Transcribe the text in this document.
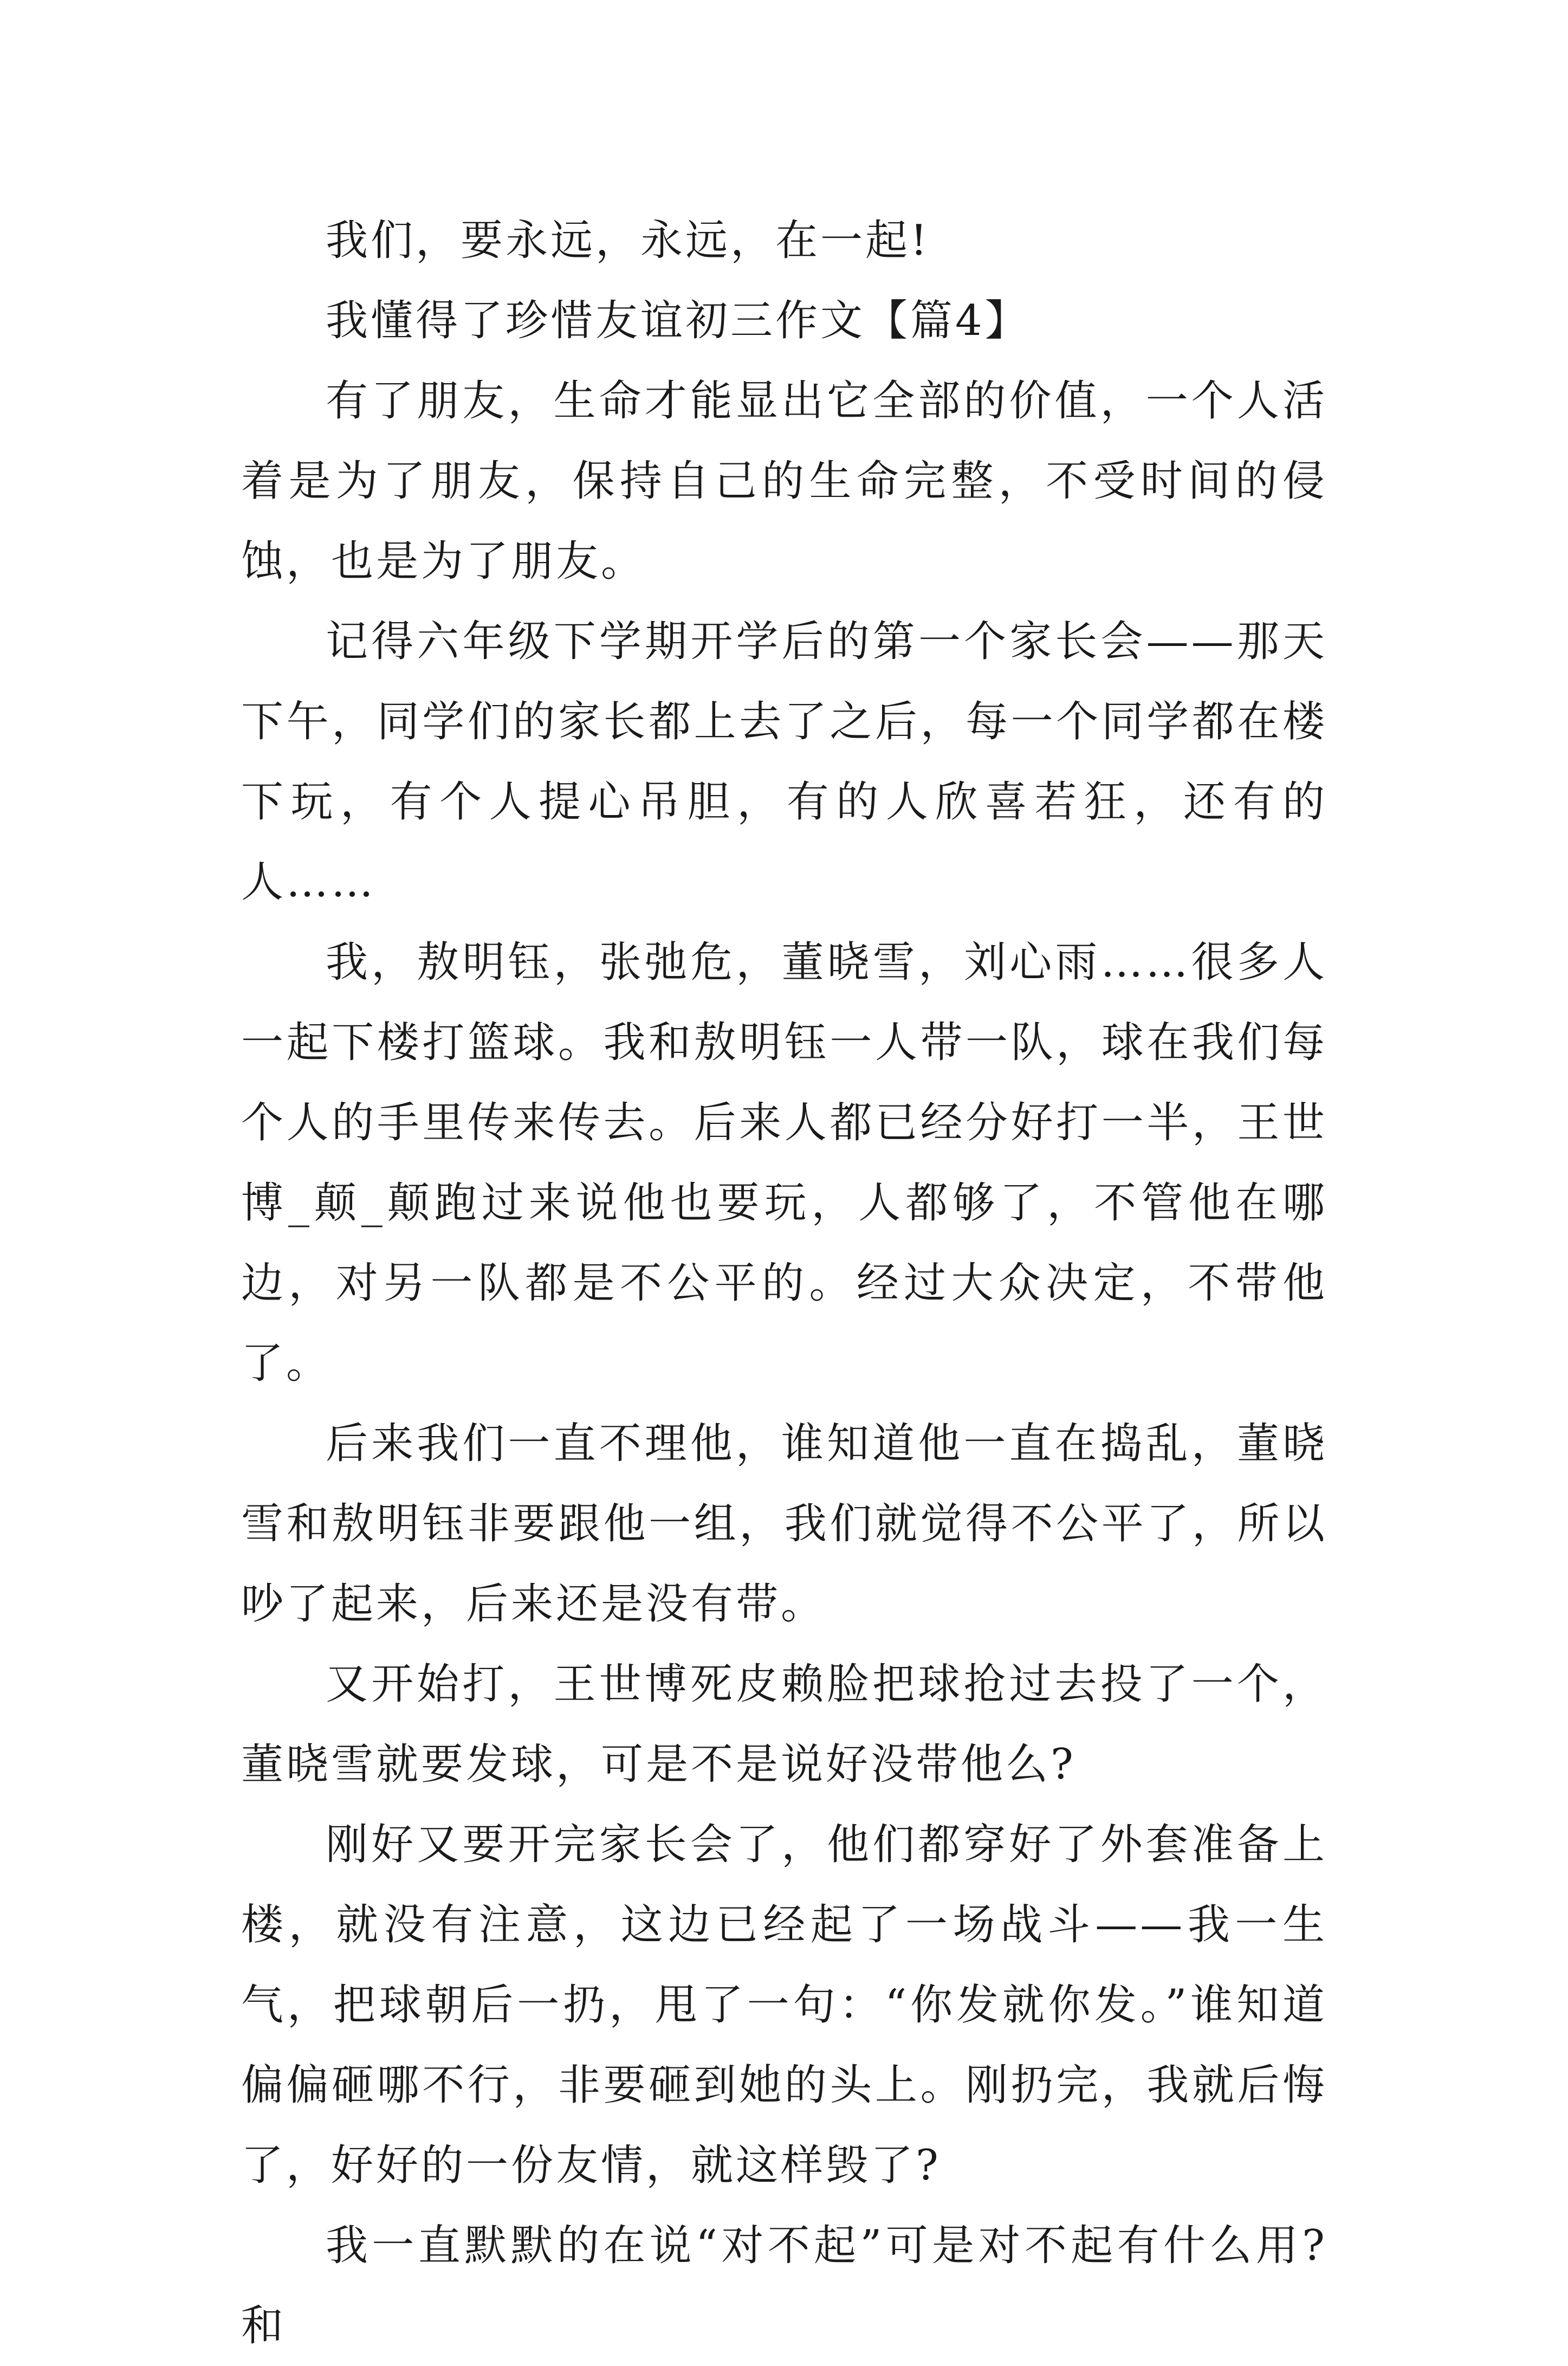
我们，要永远，永远，在一起!

我懂得了珍惜友谊初三作文【篇4】

有了朋友，生命才能显出它全部的价值，一个人活着是为了朋友，保持自己的生命完整，不受时间的侵蚀，也是为了朋友。

记得六年级下学期开学后的第一个家长会——那天下午，同学们的家长都上去了之后，每一个同学都在楼下玩，有个人提心吊胆，有的人欣喜若狂，还有的人……

我，敖明钰，张弛危，董晓雪，刘心雨……很多人一起下楼打篮球。我和敖明钰一人带一队，球在我们每个人的手里传来传去。后来人都已经分好打一半，王世博_颠_颠跑过来说他也要玩，人都够了，不管他在哪边，对另一队都是不公平的。经过大众决定，不带他了。

后来我们一直不理他，谁知道他一直在捣乱，董晓雪和敖明钰非要跟他一组，我们就觉得不公平了，所以吵了起来，后来还是没有带。

又开始打，王世博死皮赖脸把球抢过去投了一个，董晓雪就要发球，可是不是说好没带他么?

刚好又要开完家长会了，他们都穿好了外套准备上楼，就没有注意，这边已经起了一场战斗——我一生气，把球朝后一扔，甩了一句：“你发就你发。”谁知道偏偏砸哪不行，非要砸到她的头上。刚扔完，我就后悔了，好好的一份友情，就这样毁了?

我一直默默的在说“对不起”可是对不起有什么用?和
